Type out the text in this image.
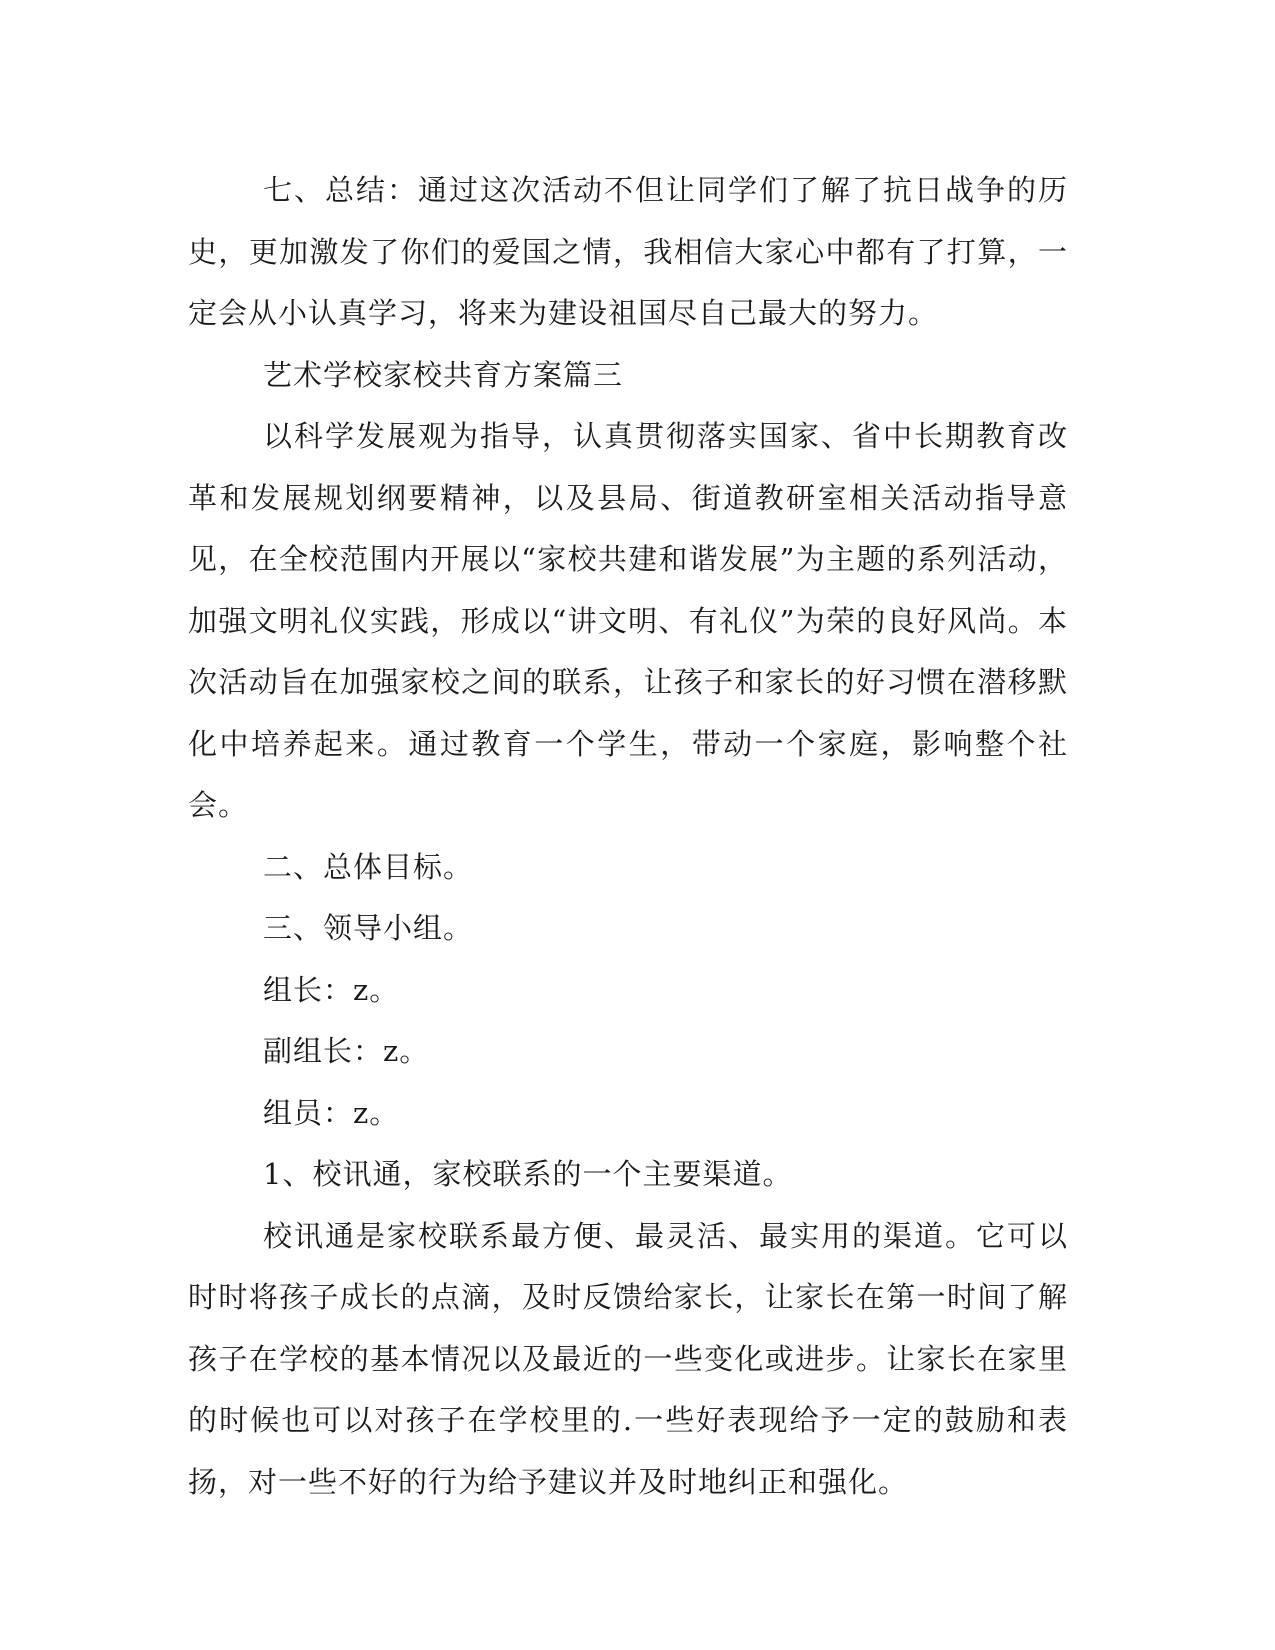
七、总结：通过这次活动不但让同学们了解了抗日战争的历史，更加激发了你们的爱国之情，我相信大家心中都有了打算，一定会从小认真学习，将来为建设祖国尽自己最大的努力。

艺术学校家校共育方案篇三

以科学发展观为指导，认真贯彻落实国家、省中长期教育改革和发展规划纲要精神，以及县局、街道教研室相关活动指导意见，在全校范围内开展以“家校共建和谐发展”为主题的系列活动，加强文明礼仪实践，形成以“讲文明、有礼仪”为荣的良好风尚。本次活动旨在加强家校之间的联系，让孩子和家长的好习惯在潜移默化中培养起来。通过教育一个学生，带动一个家庭，影响整个社会。

二、总体目标。

三、领导小组。

组长：z。

副组长：z。

组员：z。

1、校讯通，家校联系的一个主要渠道。

校讯通是家校联系最方便、最灵活、最实用的渠道。它可以时时将孩子成长的点滴，及时反馈给家长，让家长在第一时间了解孩子在学校的基本情况以及最近的一些变化或进步。让家长在家里的时候也可以对孩子在学校里的.一些好表现给予一定的鼓励和表扬，对一些不好的行为给予建议并及时地纠正和强化。
